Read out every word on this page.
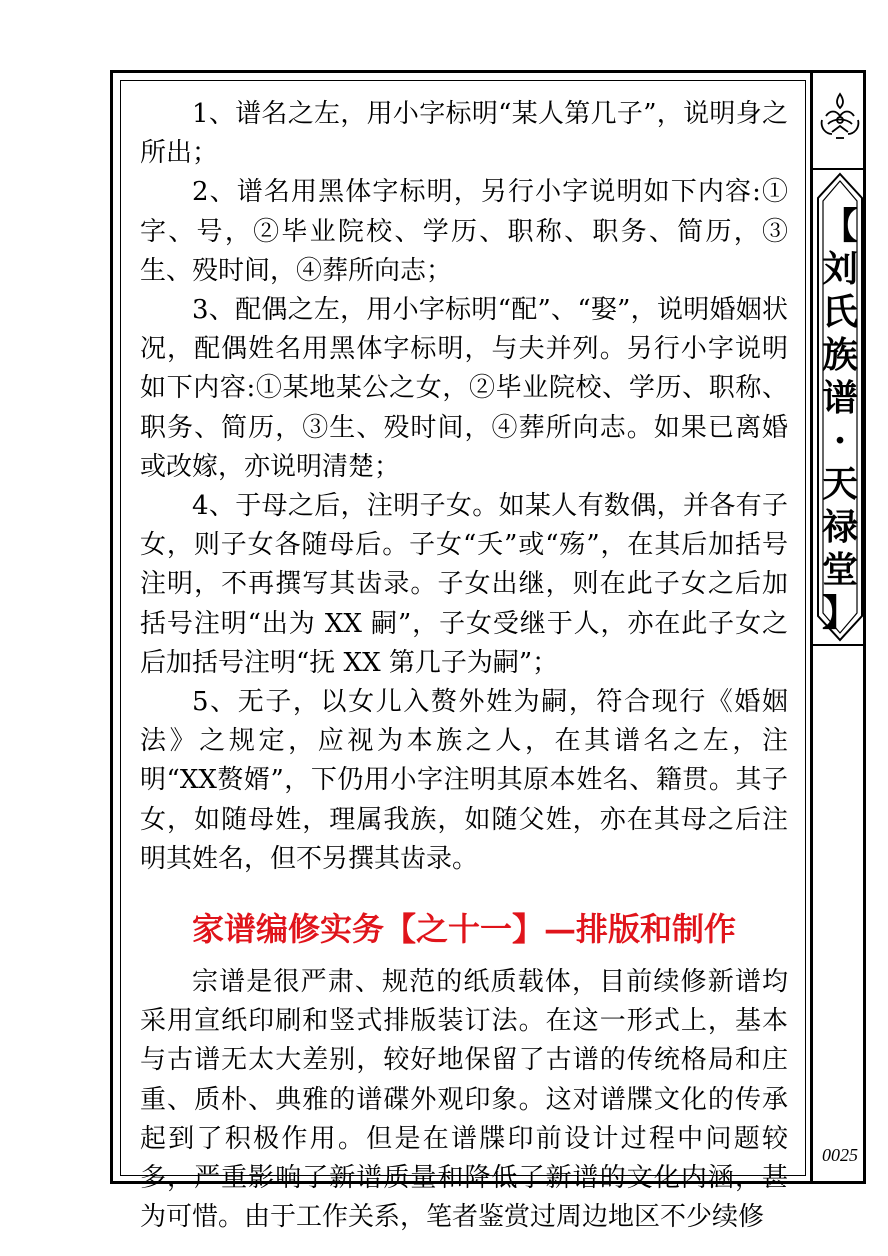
【
刘
氏
族
谱
·
天
禄
堂
】
0025

1、谱名之左，用小字标明“某人第几子”，说明身之所出；

2、谱名用黑体字标明，另行小字说明如下内容:①字、号，②毕业院校、学历、职称、职务、简历，③生、殁时间，④葬所向志；

3、配偶之左，用小字标明“配”、“娶”，说明婚姻状况，配偶姓名用黑体字标明，与夫并列。另行小字说明如下内容:①某地某公之女，②毕业院校、学历、职称、职务、简历，③生、殁时间，④葬所向志。如果已离婚或改嫁，亦说明清楚；

4、于母之后，注明子女。如某人有数偶，并各有子女，则子女各随母后。子女“夭”或“殇”，在其后加括号注明，不再撰写其齿录。子女出继，则在此子女之后加括号注明“出为 XX 嗣”，子女受继于人，亦在此子女之后加括号注明“抚 XX 第几子为嗣”；

5、无子，以女儿入赘外姓为嗣，符合现行《婚姻法》之规定，应视为本族之人，在其谱名之左，注明“XX赘婿”，下仍用小字注明其原本姓名、籍贯。其子女，如随母姓，理属我族，如随父姓，亦在其母之后注明其姓名，但不另撰其齿录。

家谱编修实务【之十一】—排版和制作

宗谱是很严肃、规范的纸质载体，目前续修新谱均采用宣纸印刷和竖式排版装订法。在这一形式上，基本与古谱无太大差别，较好地保留了古谱的传统格局和庄重、质朴、典雅的谱碟外观印象。这对谱牒文化的传承起到了积极作用。但是在谱牒印前设计过程中问题较多，严重影响了新谱质量和降低了新谱的文化内涵，甚为可惜。由于工作关系，笔者鉴赏过周边地区不少续修
